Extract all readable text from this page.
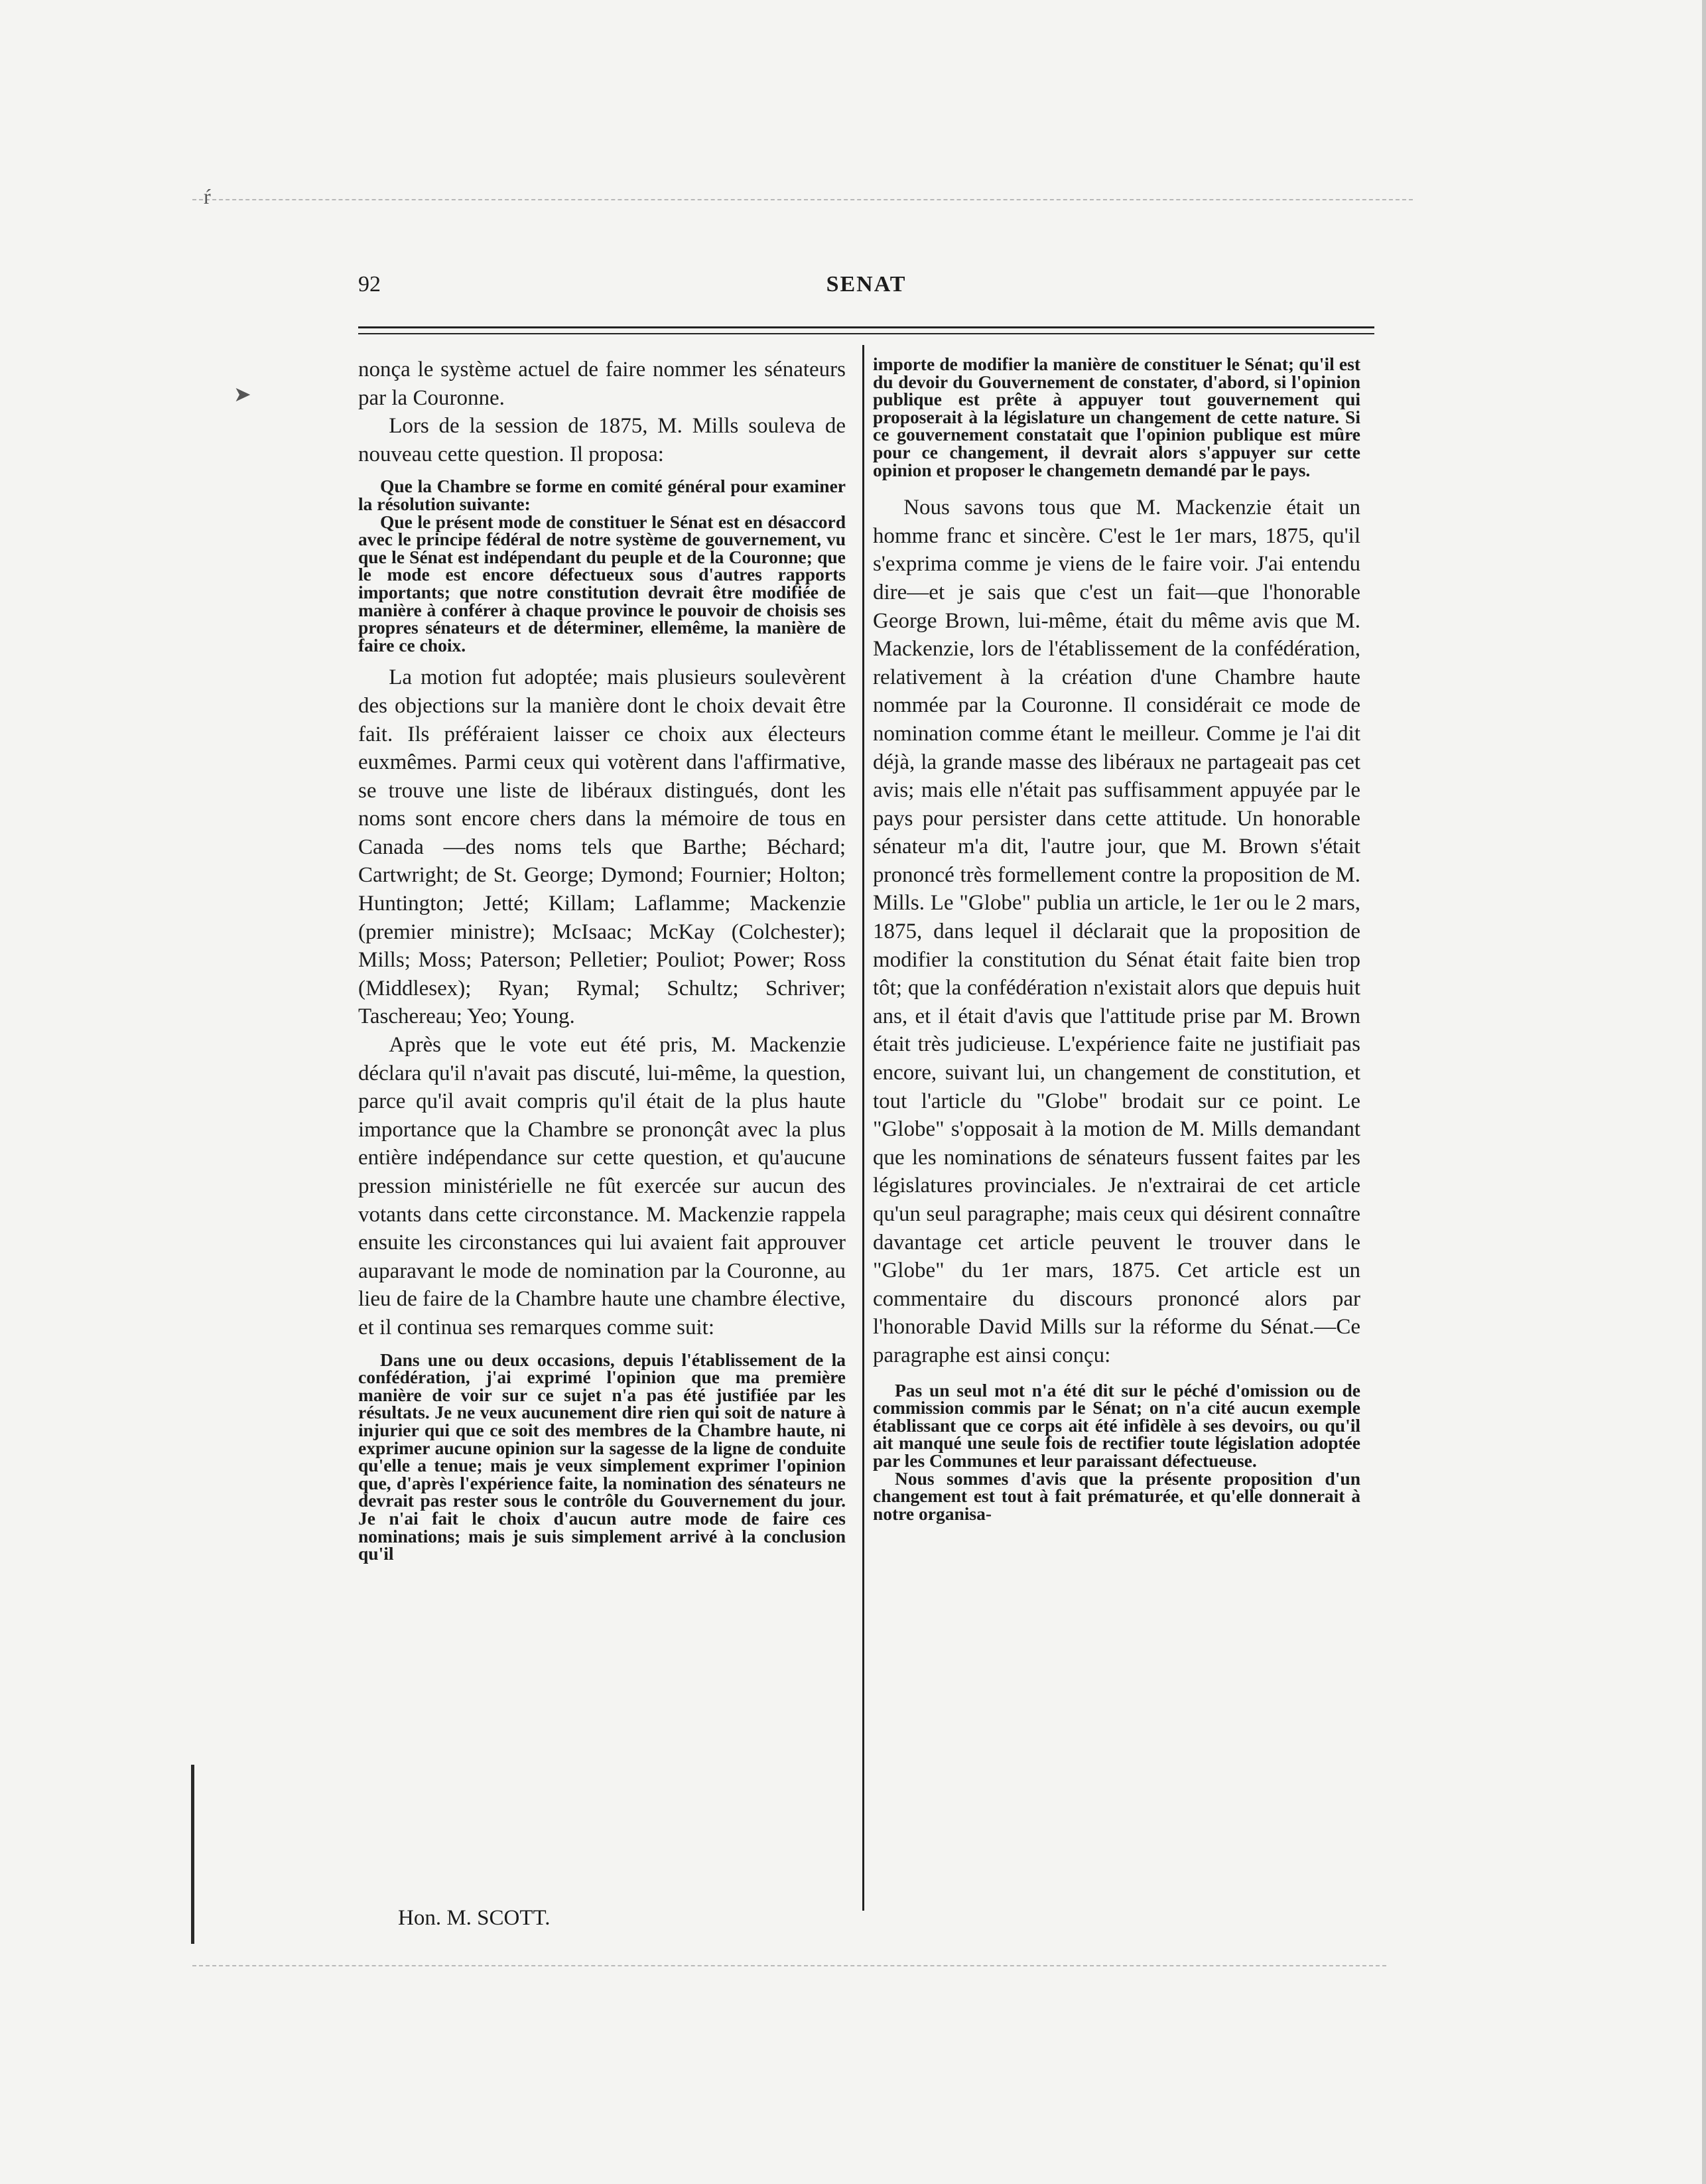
ŕ
➤
92	SENAT

nonça le système actuel de faire nommer les sénateurs par la Couronne.

Lors de la session de 1875, M. Mills souleva de nouveau cette question. Il proposa:

Que la Chambre se forme en comité général pour examiner la résolution suivante:

Que le présent mode de constituer le Sénat est en désaccord avec le principe fédéral de notre système de gouvernement, vu que le Sénat est indépendant du peuple et de la Couronne; que le mode est encore défectueux sous d'autres rapports importants; que notre constitution devrait être modifiée de manière à conférer à chaque province le pouvoir de choisis ses propres sénateurs et de déterminer, ellemême, la manière de faire ce choix.

La motion fut adoptée; mais plusieurs soulevèrent des objections sur la manière dont le choix devait être fait. Ils préféraient laisser ce choix aux électeurs euxmêmes. Parmi ceux qui votèrent dans l'affirmative, se trouve une liste de libéraux distingués, dont les noms sont encore chers dans la mémoire de tous en Canada —des noms tels que Barthe; Béchard; Cartwright; de St. George; Dymond; Fournier; Holton; Huntington; Jetté; Killam; Laflamme; Mackenzie (premier ministre); McIsaac; McKay (Colchester); Mills; Moss; Paterson; Pelletier; Pouliot; Power; Ross (Middlesex); Ryan; Rymal; Schultz; Schriver; Taschereau; Yeo; Young.

Après que le vote eut été pris, M. Mackenzie déclara qu'il n'avait pas discuté, lui-même, la question, parce qu'il avait compris qu'il était de la plus haute importance que la Chambre se prononçât avec la plus entière indépendance sur cette question, et qu'aucune pression ministérielle ne fût exercée sur aucun des votants dans cette circonstance. M. Mackenzie rappela ensuite les circonstances qui lui avaient fait approuver auparavant le mode de nomination par la Couronne, au lieu de faire de la Chambre haute une chambre élective, et il continua ses remarques comme suit:

Dans une ou deux occasions, depuis l'établissement de la confédération, j'ai exprimé l'opinion que ma première manière de voir sur ce sujet n'a pas été justifiée par les résultats. Je ne veux aucunement dire rien qui soit de nature à injurier qui que ce soit des membres de la Chambre haute, ni exprimer aucune opinion sur la sagesse de la ligne de conduite qu'elle a tenue; mais je veux simplement exprimer l'opinion que, d'après l'expérience faite, la nomination des sénateurs ne devrait pas rester sous le contrôle du Gouvernement du jour. Je n'ai fait le choix d'aucun autre mode de faire ces nominations; mais je suis simplement arrivé à la conclusion qu'il

Hon. M. SCOTT.

importe de modifier la manière de constituer le Sénat; qu'il est du devoir du Gouvernement de constater, d'abord, si l'opinion publique est prête à appuyer tout gouvernement qui proposerait à la législature un changement de cette nature. Si ce gouvernement constatait que l'opinion publique est mûre pour ce changement, il devrait alors s'appuyer sur cette opinion et proposer le changemetn demandé par le pays.

Nous savons tous que M. Mackenzie était un homme franc et sincère. C'est le 1er mars, 1875, qu'il s'exprima comme je viens de le faire voir. J'ai entendu dire—et je sais que c'est un fait—que l'honorable George Brown, lui-même, était du même avis que M. Mackenzie, lors de l'établissement de la confédération, relativement à la création d'une Chambre haute nommée par la Couronne. Il considérait ce mode de nomination comme étant le meilleur. Comme je l'ai dit déjà, la grande masse des libéraux ne partageait pas cet avis; mais elle n'était pas suffisamment appuyée par le pays pour persister dans cette attitude. Un honorable sénateur m'a dit, l'autre jour, que M. Brown s'était prononcé très formellement contre la proposition de M. Mills. Le "Globe" publia un article, le 1er ou le 2 mars, 1875, dans lequel il déclarait que la proposition de modifier la constitution du Sénat était faite bien trop tôt; que la confédération n'existait alors que depuis huit ans, et il était d'avis que l'attitude prise par M. Brown était très judicieuse. L'expérience faite ne justifiait pas encore, suivant lui, un changement de constitution, et tout l'article du "Globe" brodait sur ce point. Le "Globe" s'opposait à la motion de M. Mills demandant que les nominations de sénateurs fussent faites par les législatures provinciales. Je n'extrairai de cet article qu'un seul paragraphe; mais ceux qui désirent connaître davantage cet article peuvent le trouver dans le "Globe" du 1er mars, 1875. Cet article est un commentaire du discours prononcé alors par l'honorable David Mills sur la réforme du Sénat.—Ce paragraphe est ainsi conçu:

Pas un seul mot n'a été dit sur le péché d'omission ou de commission commis par le Sénat; on n'a cité aucun exemple établissant que ce corps ait été infidèle à ses devoirs, ou qu'il ait manqué une seule fois de rectifier toute législation adoptée par les Communes et leur paraissant défectueuse.

Nous sommes d'avis que la présente proposition d'un changement est tout à fait prématurée, et qu'elle donnerait à notre organisa-
